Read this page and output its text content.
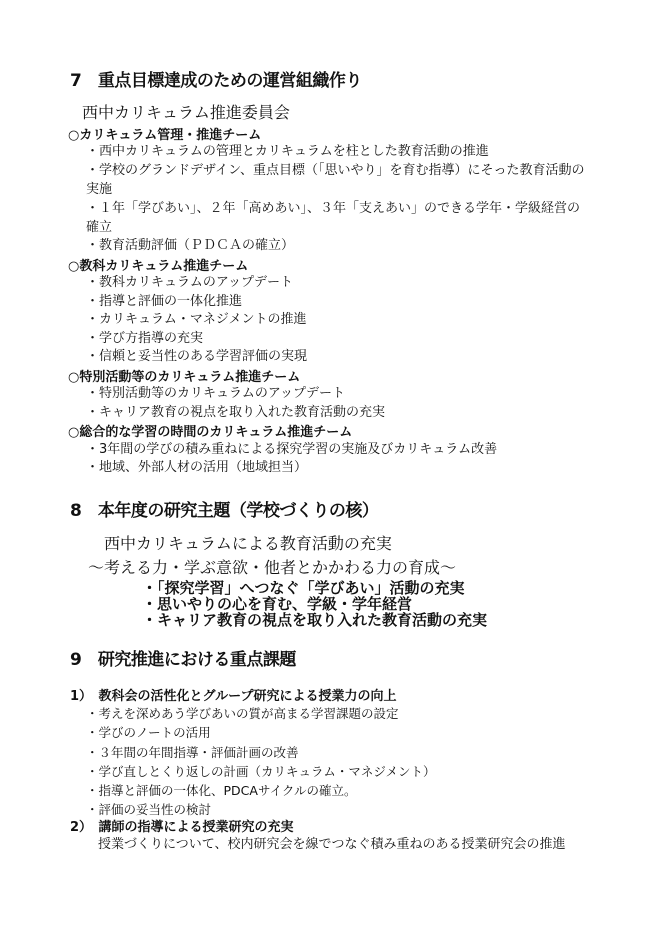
7　重点目標達成のための運営組織作り
西中カリキュラム推進委員会
○カリキュラム管理・推進チーム
・西中カリキュラムの管理とカリキュラムを柱とした教育活動の推進
・学校のグランドデザイン、重点目標（「思いやり」を育む指導）にそった教育活動の実施
・１年「学びあい」、２年「高めあい」、３年「支えあい」のできる学年・学級経営の確立
・教育活動評価（ＰＤＣＡの確立）
○教科カリキュラム推進チーム
・教科カリキュラムのアップデート
・指導と評価の一体化推進
・カリキュラム・マネジメントの推進
・学び方指導の充実
・信頼と妥当性のある学習評価の実現
○特別活動等のカリキュラム推進チーム
・特別活動等のカリキュラムのアップデート
・キャリア教育の視点を取り入れた教育活動の充実
○総合的な学習の時間のカリキュラム推進チーム
・3年間の学びの積み重ねによる探究学習の実施及びカリキュラム改善
・地域、外部人材の活用（地域担当）
8　本年度の研究主題（学校づくりの核）
西中カリキュラムによる教育活動の充実
～考える力・学ぶ意欲・他者とかかわる力の育成～
・「探究学習」へつなぐ「学びあい」活動の充実
・思いやりの心を育む、学級・学年経営
・キャリア教育の視点を取り入れた教育活動の充実
9　研究推進における重点課題
1）　教科会の活性化とグループ研究による授業力の向上
・考えを深めあう学びあいの質が高まる学習課題の設定
・学びのノートの活用
・３年間の年間指導・評価計画の改善
・学び直しとくり返しの計画（カリキュラム・マネジメント）
・指導と評価の一体化、PDCAサイクルの確立。
・評価の妥当性の検討
2）　講師の指導による授業研究の充実
授業づくりについて、校内研究会を線でつなぐ積み重ねのある授業研究会の推進
